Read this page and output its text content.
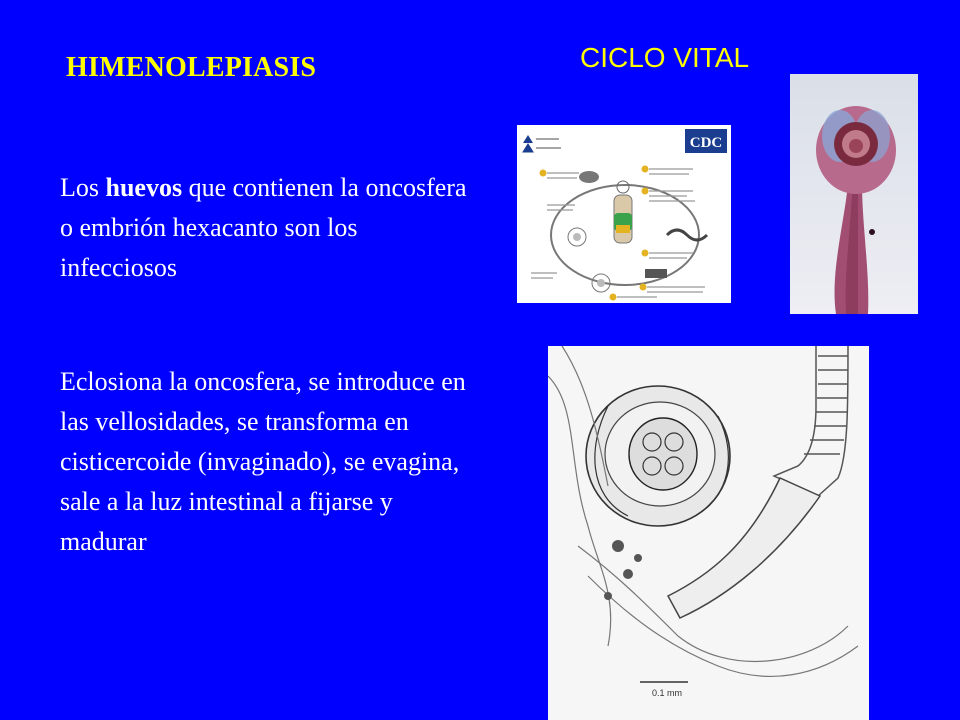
HIMENOLEPIASIS	CICLO VITAL
Los huevos que contienen la oncosfera o embrión hexacanto son los infecciosos
Eclosiona la oncosfera, se introduce en las vellosidades, se transforma en cisticercoide (invaginado), se evagina, sale a la luz intestinal a fijarse y madurar
CDC
0.1 mm
